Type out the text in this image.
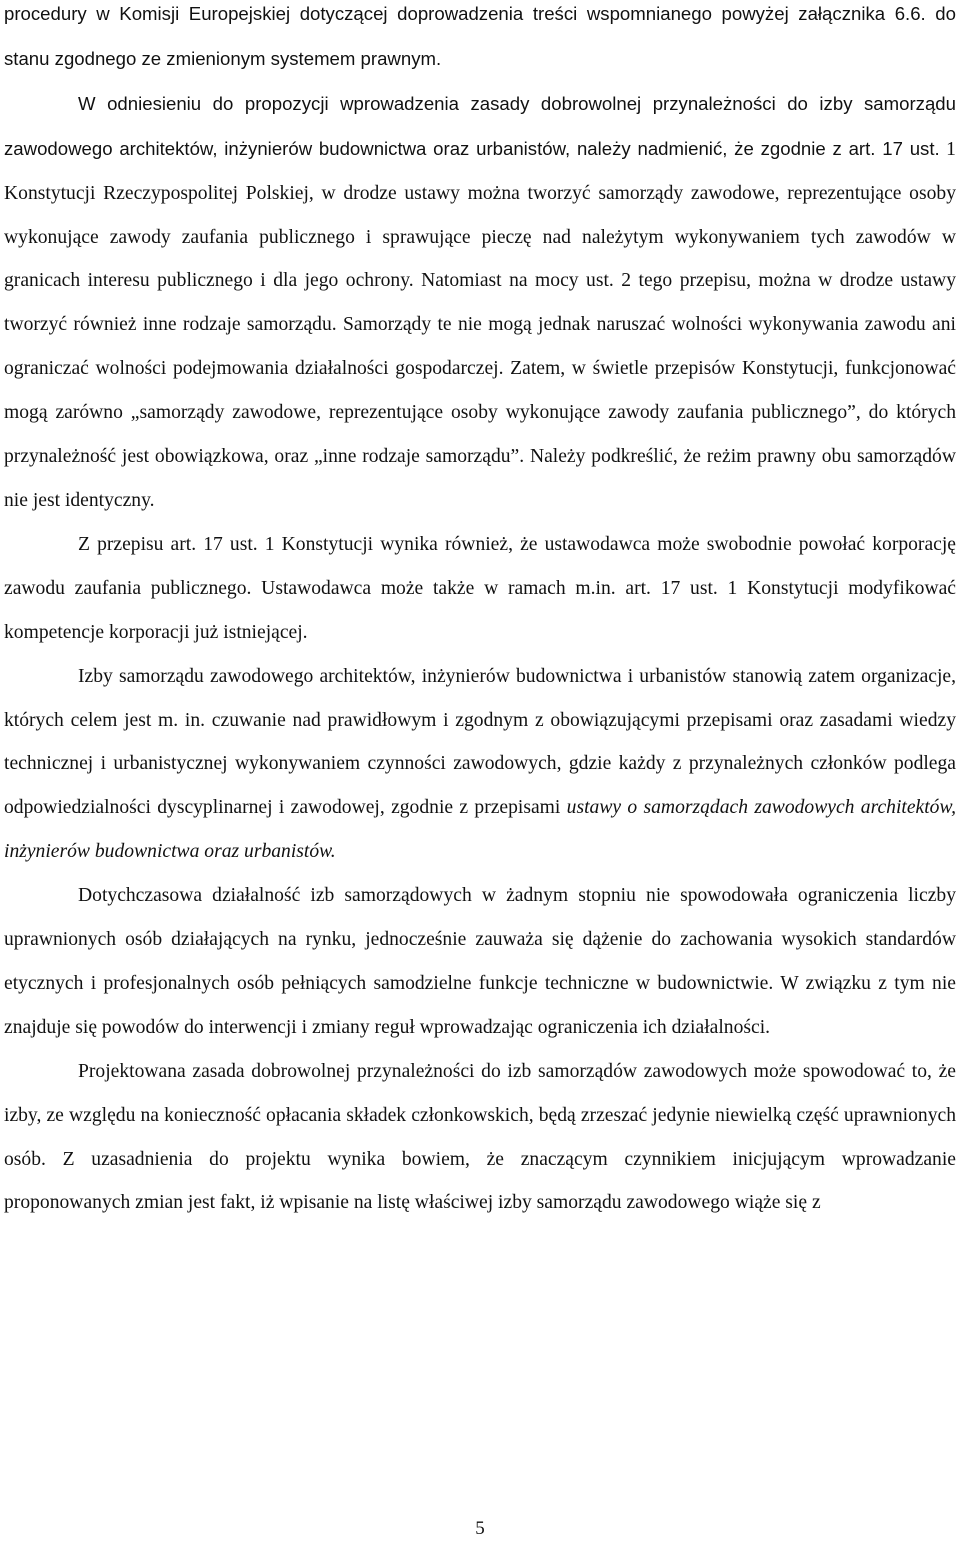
procedury w Komisji Europejskiej dotyczącej doprowadzenia treści wspomnianego powyżej załącznika 6.6. do stanu zgodnego ze zmienionym systemem prawnym.

W odniesieniu do propozycji wprowadzenia zasady dobrowolnej przynależności do izby samorządu zawodowego architektów, inżynierów budownictwa oraz urbanistów, należy nadmienić, że zgodnie z art. 17 ust. 1 Konstytucji Rzeczypospolitej Polskiej, w drodze ustawy można tworzyć samorządy zawodowe, reprezentujące osoby wykonujące zawody zaufania publicznego i sprawujące pieczę nad należytym wykonywaniem tych zawodów w granicach interesu publicznego i dla jego ochrony. Natomiast na mocy ust. 2 tego przepisu, można w drodze ustawy tworzyć również inne rodzaje samorządu. Samorządy te nie mogą jednak naruszać wolności wykonywania zawodu ani ograniczać wolności podejmowania działalności gospodarczej. Zatem, w świetle przepisów Konstytucji, funkcjonować mogą zarówno „samorządy zawodowe, reprezentujące osoby wykonujące zawody zaufania publicznego”, do których przynależność jest obowiązkowa, oraz „inne rodzaje samorządu”. Należy podkreślić, że reżim prawny obu samorządów nie jest identyczny.

Z przepisu art. 17 ust. 1 Konstytucji wynika również, że ustawodawca może swobodnie powołać korporację zawodu zaufania publicznego. Ustawodawca może także w ramach m.in. art. 17 ust. 1 Konstytucji modyfikować kompetencje korporacji już istniejącej.

Izby samorządu zawodowego architektów, inżynierów budownictwa i urbanistów stanowią zatem organizacje, których celem jest m. in. czuwanie nad prawidłowym i zgodnym z obowiązującymi przepisami oraz zasadami wiedzy technicznej i urbanistycznej wykonywaniem czynności zawodowych, gdzie każdy z przynależnych członków podlega odpowiedzialności dyscyplinarnej i zawodowej, zgodnie z przepisami ustawy o samorządach zawodowych architektów, inżynierów budownictwa oraz urbanistów.

Dotychczasowa działalność izb samorządowych w żadnym stopniu nie spowodowała ograniczenia liczby uprawnionych osób działających na rynku, jednocześnie zauważa się dążenie do zachowania wysokich standardów etycznych i profesjonalnych osób pełniących samodzielne funkcje techniczne w budownictwie. W związku z tym nie znajduje się powodów do interwencji i zmiany reguł wprowadzając ograniczenia ich działalności.

Projektowana zasada dobrowolnej przynależności do izb samorządów zawodowych może spowodować to, że izby, ze względu na konieczność opłacania składek członkowskich, będą zrzeszać jedynie niewielką część uprawnionych osób. Z uzasadnienia do projektu wynika bowiem, że znaczącym czynnikiem inicjującym wprowadzanie proponowanych zmian jest fakt, iż wpisanie na listę właściwej izby samorządu zawodowego wiąże się z

5
